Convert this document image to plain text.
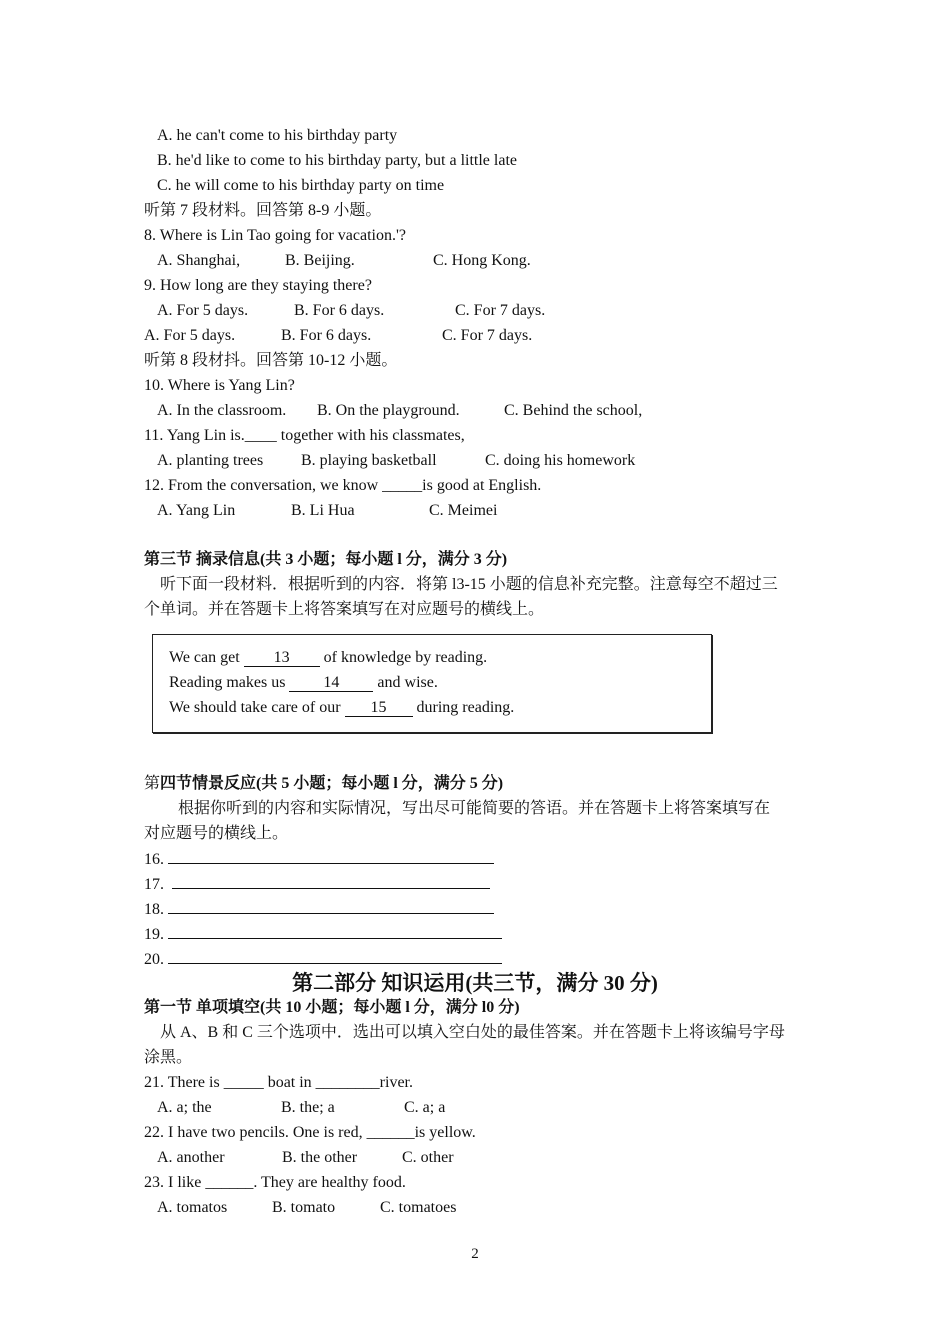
A. he can't come to his birthday party
B. he'd like to come to his birthday party, but a little late
C. he will come to his birthday party on time
听第 7 段材料。回答第 8-9 小题。
8. Where is Lin Tao going for vacation.'?
A. Shanghai,	B. Beijing.	C. Hong Kong.
9. How long are they staying there?
A. For 5 days.	B. For 6 days.	C. For 7 days.
A. For 5 days.	B. For 6 days.	C. For 7 days.
听第 8 段材抖。回答第 10-12 小题。
10. Where is Yang Lin?
A. In the classroom. B. On the playground.	C. Behind the school,
11. Yang Lin is.____ together with his classmates,
A. planting trees B. playing basketball	C. doing his homework
12. From the conversation, we know _____is good at English.
A. Yang Lin	B. Li Hua	C. Meimei
第三节 摘录信息(共 3 小题；每小题 l 分，满分 3 分)
听下面一段材料．根据听到的内容．将第 l3-15 小题的信息补充完整。注意每空不超过三
个单词。并在答题卡上将答案填写在对应题号的横线上。
We can get 13 of knowledge by reading.
Reading makes us 14 and wise.
We should take care of our 15 during reading.
第四节情景反应(共 5 小题；每小题 l 分，满分 5 分)
根据你听到的内容和实际情况，写出尽可能简要的答语。并在答题卡上将答案填写在
对应题号的横线上。
16.
17.
18.
19.
20.
第二部分 知识运用(共三节，满分 30 分)
第一节 单项填空(共 10 小题；每小题 l 分，满分 l0 分)
从 A、B 和 C 三个选项中．选出可以填入空白处的最佳答案。并在答题卡上将该编号字母
涂黑。
21. There is _____ boat in ________river.
A. a; the	B. the; a	C. a; a
22. I have two pencils. One is red, ______is yellow.
A. another	B. the other	C. other
23. I like ______. They are healthy food.
A. tomatos	B. tomato	C. tomatoes
2
